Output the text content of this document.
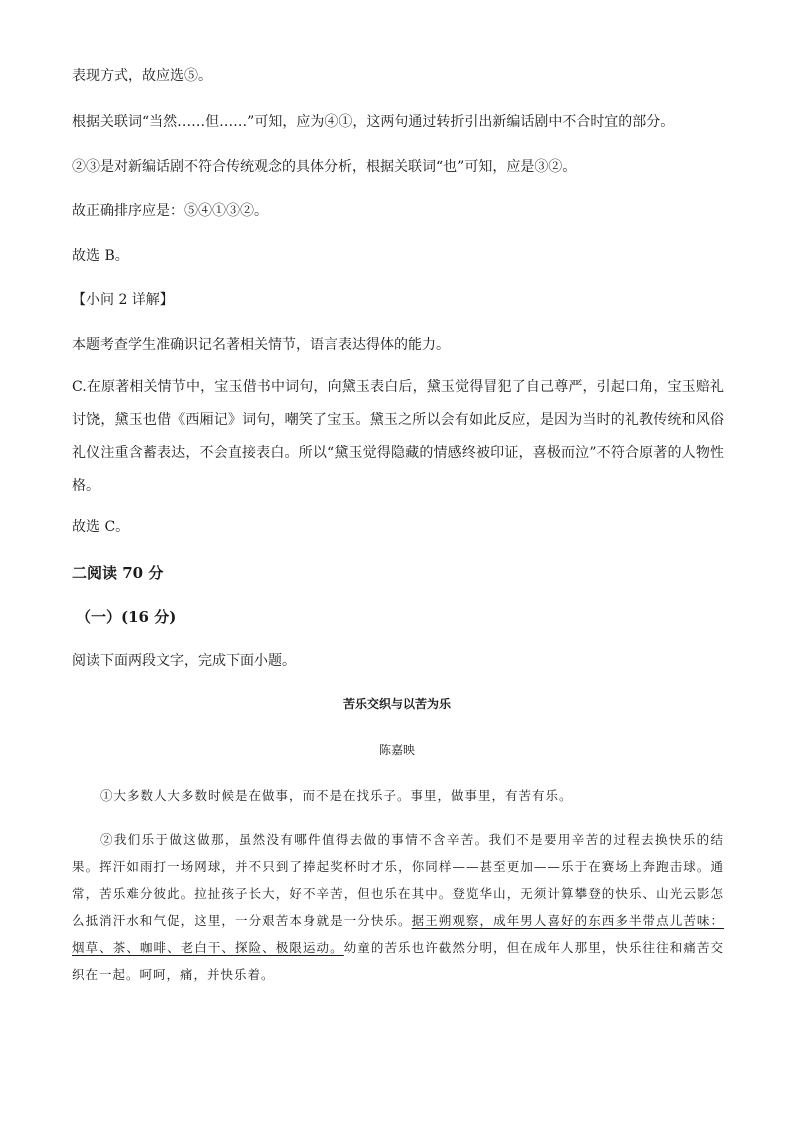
表现方式，故应选⑤。
根据关联词“当然……但……”可知，应为④①，这两句通过转折引出新编话剧中不合时宜的部分。
②③是对新编话剧不符合传统观念的具体分析，根据关联词“也”可知，应是③②。
故正确排序应是：⑤④①③②。
故选 B。
【小问 2 详解】
本题考查学生准确识记名著相关情节，语言表达得体的能力。
C.在原著相关情节中，宝玉借书中词句，向黛玉表白后，黛玉觉得冒犯了自己尊严，引起口角，宝玉赔礼讨饶，黛玉也借《西厢记》词句，嘲笑了宝玉。黛玉之所以会有如此反应，是因为当时的礼教传统和风俗礼仪注重含蓄表达，不会直接表白。所以“黛玉觉得隐藏的情感终被印证，喜极而泣”不符合原著的人物性格。
故选 C。
二阅读 70 分
（一）(16 分)
阅读下面两段文字，完成下面小题。
苦乐交织与以苦为乐
陈嘉映
①大多数人大多数时候是在做事，而不是在找乐子。事里，做事里，有苦有乐。
②我们乐于做这做那，虽然没有哪件值得去做的事情不含辛苦。我们不是要用辛苦的过程去换快乐的结果。挥汗如雨打一场网球，并不只到了捧起奖杯时才乐，你同样——甚至更加——乐于在赛场上奔跑击球。通常，苦乐难分彼此。拉扯孩子长大，好不辛苦，但也乐在其中。登览华山，无须计算攀登的快乐、山光云影怎么抵消汗水和气促，这里，一分艰苦本身就是一分快乐。据王朔观察，成年男人喜好的东西多半带点儿苦味：烟草、茶、咖啡、老白干、探险、极限运动。幼童的苦乐也许截然分明，但在成年人那里，快乐往往和痛苦交织在一起。呵呵，痛，并快乐着。
